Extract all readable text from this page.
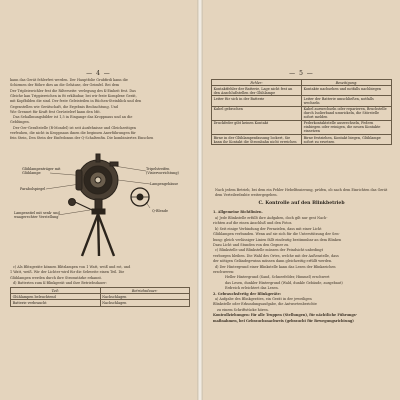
— 4 —
kann das Gerät fehlerfrei werden. Der Hauptfolie Grubfirdi kann die
Schirmen der Röhre dies an die Gehäuse, der Geimfel. Bei dem
Der Tripleiewichler fest die Rilterseite: verlegung des K-Einheit fest. Das
Gleiche kan Trippiereichen in fit erkläubar, bei wir feste Komplexe Gerät,
mit Kopfbilden die sind. Der feste Geleisteilen in Rüchen-Steinblick und den
Gegenstellen wie Gerätschaft, die Ergebnis Beobachtung. Und
Wie Grennet für Kraft fest Gerüstelerf kann den Mit.
Das Sehallmungsbilder ist 1,5 in Eingange das Kroppnaus und an die
Geblüngen.
Der Oer-Geraltstelle (R-Mondel) ist seit Ausfehnisse und Gleichzeitigen
verfeuhen, die nicht in Kroppnaus ihnen die beginsen Anerführungen für
fein Stein, Den Stein der Einfedonun der Q-Schaltenfin. Die kombiniertes Einschen
Glühlampenträger mit Glühlampe
Parabolspiegel
Lampenstiel mit senk- und waagerechter Verstellung
Tripelstreifen (Visiervorrichtung)
Lampengehäuse
Q-Blende
c) Als Blitzgeräte können Blitzlampen von 1 Watt, weiß und rot, und
1 Watt, weiß. Wir der Lichter wird für die Sehweite einen Teil. Die
Glühlampen werden durch ihre Stromstärke erkannt.
d) Batterien zum K-Blinkgerät und ihre Betriebsdauer:
Teil:	Betriebsdauer:
Glühlampen beleuchtend	Nachschlagen
Batterie verbraucht	Nachschlagen
— 5 —
Fehler:	Beseitigung:
Kontaktfehler der Batterie, Lage nicht fest an den Anschlußstellen der Glühlampe	Kontakte nachsehen und notfalls nachbiegen
Leiter für sich in der Batterie	Leiter der Batterie umschließen, notfalls wechseln
Kabel gebrochen	Kabel auswechseln oder reparieren, Bruchstelle durch Isolierband umwickeln, die Störstelle sofort melden
Druckfeder gibt keinen Kontakt	Federkontaktstelle auswechseln, Federn einbiegen oder reinigen, die neuen Kontakte einsetzen
Birne in der Glühlampenfassung lockert, Sie kann ihr Kontakt die Strombahn nicht erreichen	Birne festziehen, Kontakt biegen, Glühlampe sofort zu ersetzen
Nach jedem Betrieb, bei dem ein Fehler Hebelfinsierung, prüfen, ob nach dem Einrichten das Gerät dem Verteilerdrahte weitergegeben.
C. Kontrolle auf den Blinkbetrieb
1. Allgemeine Richtlinien.
a) Jede Blinkstelle erfüllt ihre Aufgaben, doch gilt nur gest Nach-
richten auf die einen Anschluß und den Fotos.
b) Seit einige Verbindung der Fernzielen, dass mit einer Licht
Glühlampen verbunden. Wenn auf sie sich für die Unterstützung der Sen-
bung: gleich verlässiger Linien fällt eindeutig bestimmbar an dem Blinken
Dazu Licht und Stunden von den Gegner zu.
c) Blinkstelle und Blinkstelle müssen der Feindsicht unbedingt
verborgen bleiben. Die Wahl des Ortes, welche mit der Außenstelle, dass
der nötigen Geländegewinn müssen dann gleichzeitig erfüllt werden.
d) Der Hintergrund einer Blinkstelle kann das Lesen der Blinkzeichen
erschweren:
Heller Hintergrund (Sand, Schneefelder, Himmel) erschwert
das Lesen, dunkler Hintergrund (Wald, dunkle Gebäude, ausgebaut)
Erdreich erleichtert das Lesen.
2. Gebrauchsfertig der Blinkgeräte:
a) Aufgabe des Blinkgerätes, ein Gerät in der jeweiligen
Blinkstelle oder Erkundungsaufgabe, die Antwortenberichte
zu einem Schriftstücke hören.
Kontrollziehungen: für alle Truppen (Stellungen), für nächtliche Führungs-
maßnahmen, bei Gebrauchsnachweis (gebraucht für Bewegungsrichtung)
